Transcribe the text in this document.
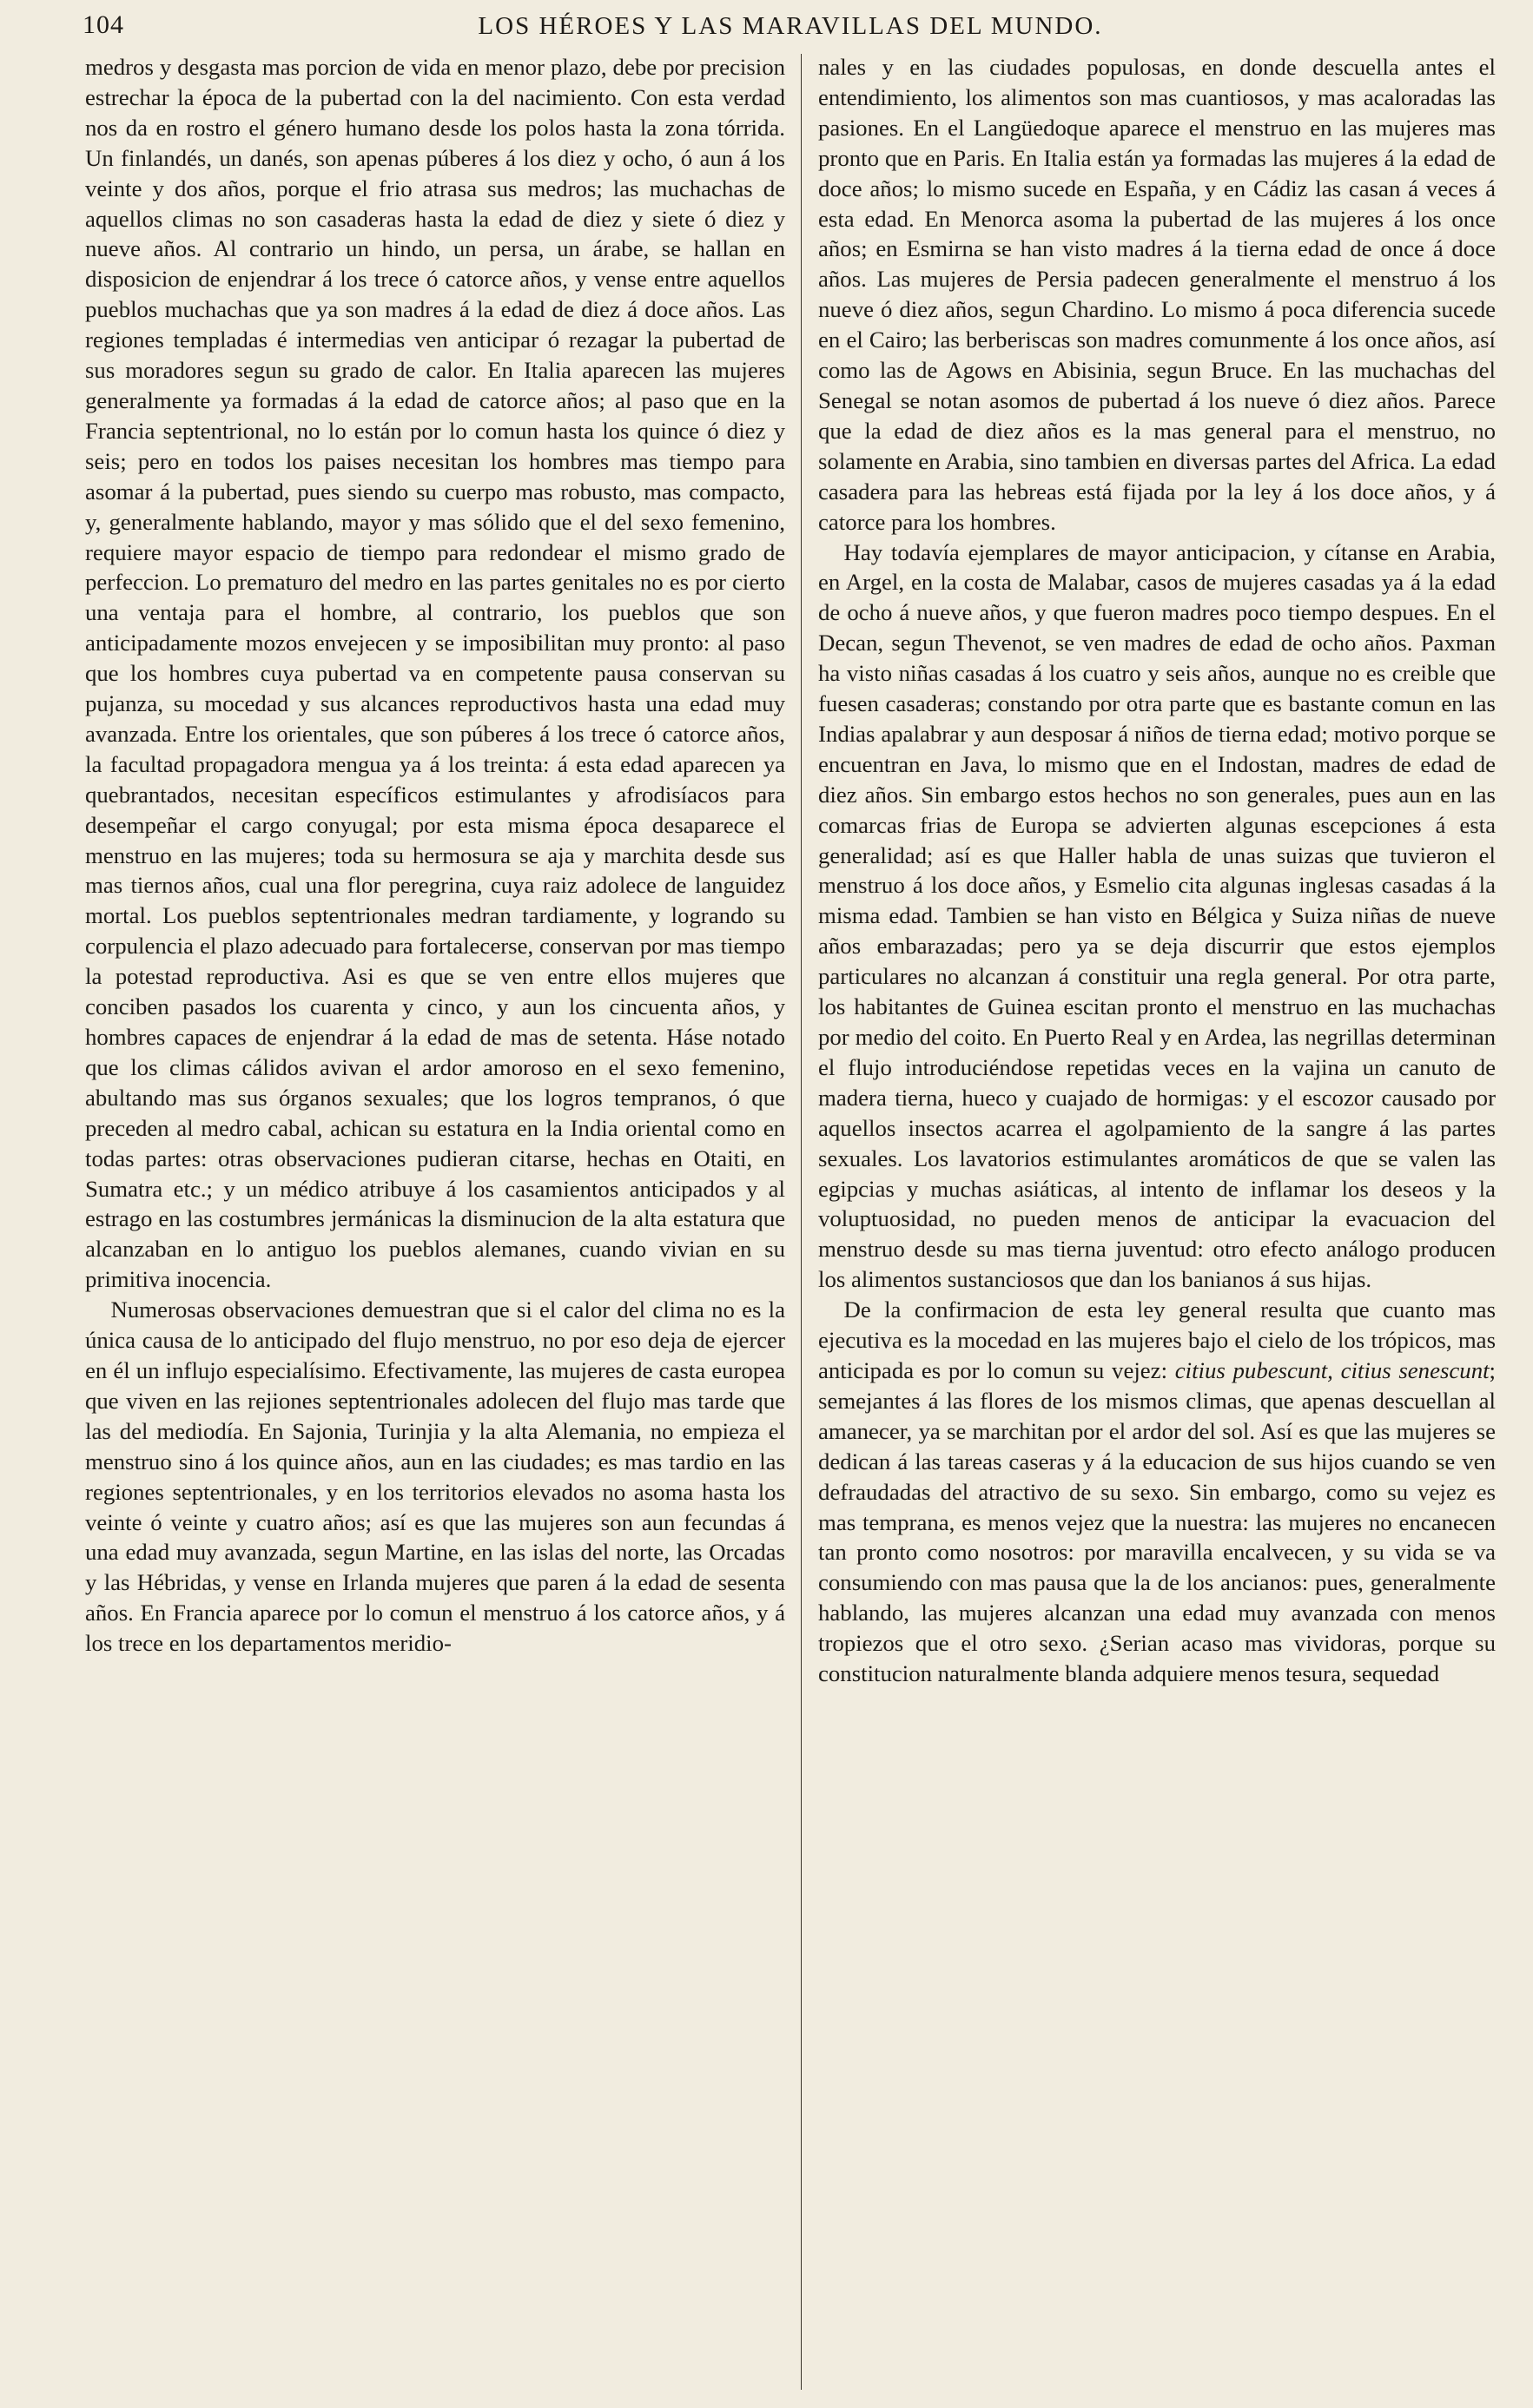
104	LOS HÉROES Y LAS MARAVILLAS DEL MUNDO.

medros y desgasta mas porcion de vida en menor plazo, debe por precision estrechar la época de la pubertad con la del nacimiento. Con esta verdad nos da en rostro el género humano desde los polos hasta la zona tórrida. Un finlandés, un danés, son apenas púberes á los diez y ocho, ó aun á los veinte y dos años, porque el frio atrasa sus medros; las muchachas de aquellos climas no son casaderas hasta la edad de diez y siete ó diez y nueve años. Al contrario un hindo, un persa, un árabe, se hallan en disposicion de enjendrar á los trece ó catorce años, y vense entre aquellos pueblos muchachas que ya son madres á la edad de diez á doce años. Las regiones templadas é intermedias ven anticipar ó rezagar la pubertad de sus moradores segun su grado de calor. En Italia aparecen las mujeres generalmente ya formadas á la edad de catorce años; al paso que en la Francia septentrional, no lo están por lo comun hasta los quince ó diez y seis; pero en todos los paises necesitan los hombres mas tiempo para asomar á la pubertad, pues siendo su cuerpo mas robusto, mas compacto, y, generalmente hablando, mayor y mas sólido que el del sexo femenino, requiere mayor espacio de tiempo para redondear el mismo grado de perfeccion. Lo prematuro del medro en las partes genitales no es por cierto una ventaja para el hombre, al contrario, los pueblos que son anticipadamente mozos envejecen y se imposibilitan muy pronto: al paso que los hombres cuya pubertad va en competente pausa conservan su pujanza, su mocedad y sus alcances reproductivos hasta una edad muy avanzada. Entre los orientales, que son púberes á los trece ó catorce años, la facultad propagadora mengua ya á los treinta: á esta edad aparecen ya quebrantados, necesitan específicos estimulantes y afrodisíacos para desempeñar el cargo conyugal; por esta misma época desaparece el menstruo en las mujeres; toda su hermosura se aja y marchita desde sus mas tiernos años, cual una flor peregrina, cuya raiz adolece de languidez mortal. Los pueblos septentrionales medran tardiamente, y logrando su corpulencia el plazo adecuado para fortalecerse, conservan por mas tiempo la potestad reproductiva. Asi es que se ven entre ellos mujeres que conciben pasados los cuarenta y cinco, y aun los cincuenta años, y hombres capaces de enjendrar á la edad de mas de setenta. Háse notado que los climas cálidos avivan el ardor amoroso en el sexo femenino, abultando mas sus órganos sexuales; que los logros tempranos, ó que preceden al medro cabal, achican su estatura en la India oriental como en todas partes: otras observaciones pudieran citarse, hechas en Otaiti, en Sumatra etc.; y un médico atribuye á los casamientos anticipados y al estrago en las costumbres jermánicas la disminucion de la alta estatura que alcanzaban en lo antiguo los pueblos alemanes, cuando vivian en su primitiva inocencia.

Numerosas observaciones demuestran que si el calor del clima no es la única causa de lo anticipado del flujo menstruo, no por eso deja de ejercer en él un influjo especialísimo. Efectivamente, las mujeres de casta europea que viven en las rejiones septentrionales adolecen del flujo mas tarde que las del mediodía. En Sajonia, Turinjia y la alta Alemania, no empieza el menstruo sino á los quince años, aun en las ciudades; es mas tardio en las regiones septentrionales, y en los territorios elevados no asoma hasta los veinte ó veinte y cuatro años; así es que las mujeres son aun fecundas á una edad muy avanzada, segun Martine, en las islas del norte, las Orcadas y las Hébridas, y vense en Irlanda mujeres que paren á la edad de sesenta años. En Francia aparece por lo comun el menstruo á los catorce años, y á los trece en los departamentos meridio-

nales y en las ciudades populosas, en donde descuella antes el entendimiento, los alimentos son mas cuantiosos, y mas acaloradas las pasiones. En el Langüedoque aparece el menstruo en las mujeres mas pronto que en Paris. En Italia están ya formadas las mujeres á la edad de doce años; lo mismo sucede en España, y en Cádiz las casan á veces á esta edad. En Menorca asoma la pubertad de las mujeres á los once años; en Esmirna se han visto madres á la tierna edad de once á doce años. Las mujeres de Persia padecen generalmente el menstruo á los nueve ó diez años, segun Chardino. Lo mismo á poca diferencia sucede en el Cairo; las berberiscas son madres comunmente á los once años, así como las de Agows en Abisinia, segun Bruce. En las muchachas del Senegal se notan asomos de pubertad á los nueve ó diez años. Parece que la edad de diez años es la mas general para el menstruo, no solamente en Arabia, sino tambien en diversas partes del Africa. La edad casadera para las hebreas está fijada por la ley á los doce años, y á catorce para los hombres.

Hay todavía ejemplares de mayor anticipacion, y cítanse en Arabia, en Argel, en la costa de Malabar, casos de mujeres casadas ya á la edad de ocho á nueve años, y que fueron madres poco tiempo despues. En el Decan, segun Thevenot, se ven madres de edad de ocho años. Paxman ha visto niñas casadas á los cuatro y seis años, aunque no es creible que fuesen casaderas; constando por otra parte que es bastante comun en las Indias apalabrar y aun desposar á niños de tierna edad; motivo porque se encuentran en Java, lo mismo que en el Indostan, madres de edad de diez años. Sin embargo estos hechos no son generales, pues aun en las comarcas frias de Europa se advierten algunas escepciones á esta generalidad; así es que Haller habla de unas suizas que tuvieron el menstruo á los doce años, y Esmelio cita algunas inglesas casadas á la misma edad. Tambien se han visto en Bélgica y Suiza niñas de nueve años embarazadas; pero ya se deja discurrir que estos ejemplos particulares no alcanzan á constituir una regla general. Por otra parte, los habitantes de Guinea escitan pronto el menstruo en las muchachas por medio del coito. En Puerto Real y en Ardea, las negrillas determinan el flujo introduciéndose repetidas veces en la vajina un canuto de madera tierna, hueco y cuajado de hormigas: y el escozor causado por aquellos insectos acarrea el agolpamiento de la sangre á las partes sexuales. Los lavatorios estimulantes aromáticos de que se valen las egipcias y muchas asiáticas, al intento de inflamar los deseos y la voluptuosidad, no pueden menos de anticipar la evacuacion del menstruo desde su mas tierna juventud: otro efecto análogo producen los alimentos sustanciosos que dan los banianos á sus hijas.

De la confirmacion de esta ley general resulta que cuanto mas ejecutiva es la mocedad en las mujeres bajo el cielo de los trópicos, mas anticipada es por lo comun su vejez: citius pubescunt, citius senescunt; semejantes á las flores de los mismos climas, que apenas descuellan al amanecer, ya se marchitan por el ardor del sol. Así es que las mujeres se dedican á las tareas caseras y á la educacion de sus hijos cuando se ven defraudadas del atractivo de su sexo. Sin embargo, como su vejez es mas temprana, es menos vejez que la nuestra: las mujeres no encanecen tan pronto como nosotros: por maravilla encalvecen, y su vida se va consumiendo con mas pausa que la de los ancianos: pues, generalmente hablando, las mujeres alcanzan una edad muy avanzada con menos tropiezos que el otro sexo. ¿Serian acaso mas vividoras, porque su constitucion naturalmente blanda adquiere menos tesura, sequedad
